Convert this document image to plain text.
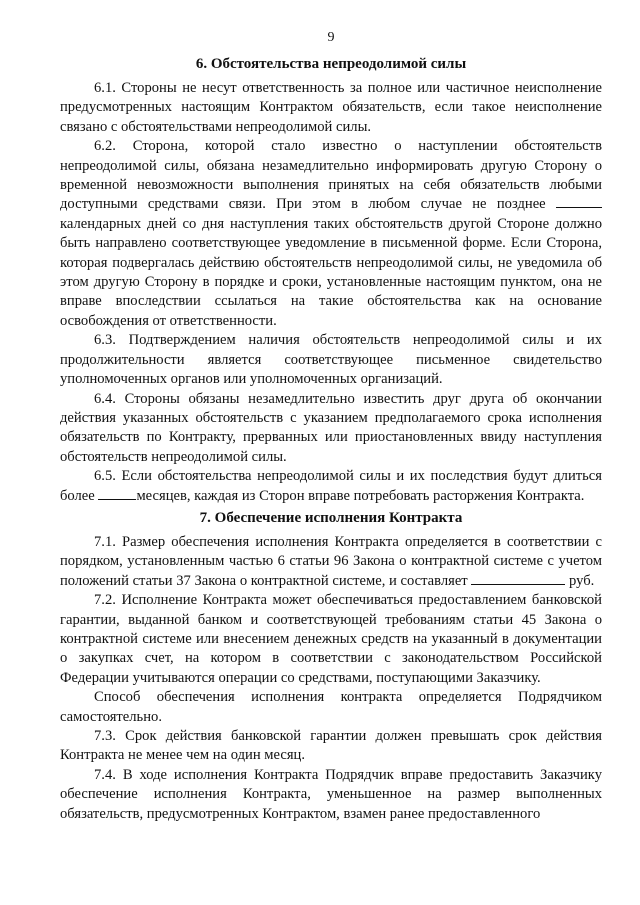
9
6. Обстоятельства непреодолимой силы

6.1. Стороны не несут ответственность за полное или частичное неисполнение предусмотренных настоящим Контрактом обязательств, если такое неисполнение связано с обстоятельствами непреодолимой силы.

6.2. Сторона, которой стало известно о наступлении обстоятельств непреодолимой силы, обязана незамедлительно информировать другую Сторону о временной невозможности выполнения принятых на себя обязательств любыми доступными средствами связи. При этом в любом случае не позднее  календарных дней со дня наступления таких обстоятельств другой Стороне должно быть направлено соответствующее уведомление в письменной форме. Если Сторона, которая подвергалась действию обстоятельств непреодолимой силы, не уведомила об этом другую Сторону в порядке и сроки, установленные настоящим пунктом, она не вправе впоследствии ссылаться на такие обстоятельства как на основание освобождения от ответственности.

6.3. Подтверждением наличия обстоятельств непреодолимой силы и их продолжительности является соответствующее письменное свидетельство уполномоченных органов или уполномоченных организаций.

6.4. Стороны обязаны незамедлительно известить друг друга об окончании действия указанных обстоятельств с указанием предполагаемого срока исполнения обязательств по Контракту, прерванных или приостановленных ввиду наступления обстоятельств непреодолимой силы.

6.5. Если обстоятельства непреодолимой силы и их последствия будут длиться более	месяцев, каждая из Сторон вправе потребовать расторжения Контракта.

7. Обеспечение исполнения Контракта

7.1. Размер обеспечения исполнения Контракта определяется в соответствии с порядком, установленным частью 6 статьи 96 Закона о контрактной системе с учетом положений статьи 37 Закона о контрактной системе, и составляет	руб.

7.2. Исполнение Контракта может обеспечиваться предоставлением банковской гарантии, выданной банком и соответствующей требованиям статьи 45 Закона о контрактной системе или внесением денежных средств на указанный в документации о закупках счет, на котором в соответствии с законодательством Российской Федерации учитываются операции со средствами, поступающими Заказчику.

Способ обеспечения исполнения контракта определяется Подрядчиком самостоятельно.

7.3. Срок действия банковской гарантии должен превышать срок действия Контракта не менее чем на один месяц.

7.4. В ходе исполнения Контракта Подрядчик вправе предоставить Заказчику обеспечение исполнения Контракта, уменьшенное на размер выполненных обязательств, предусмотренных Контрактом, взамен ранее предоставленного
